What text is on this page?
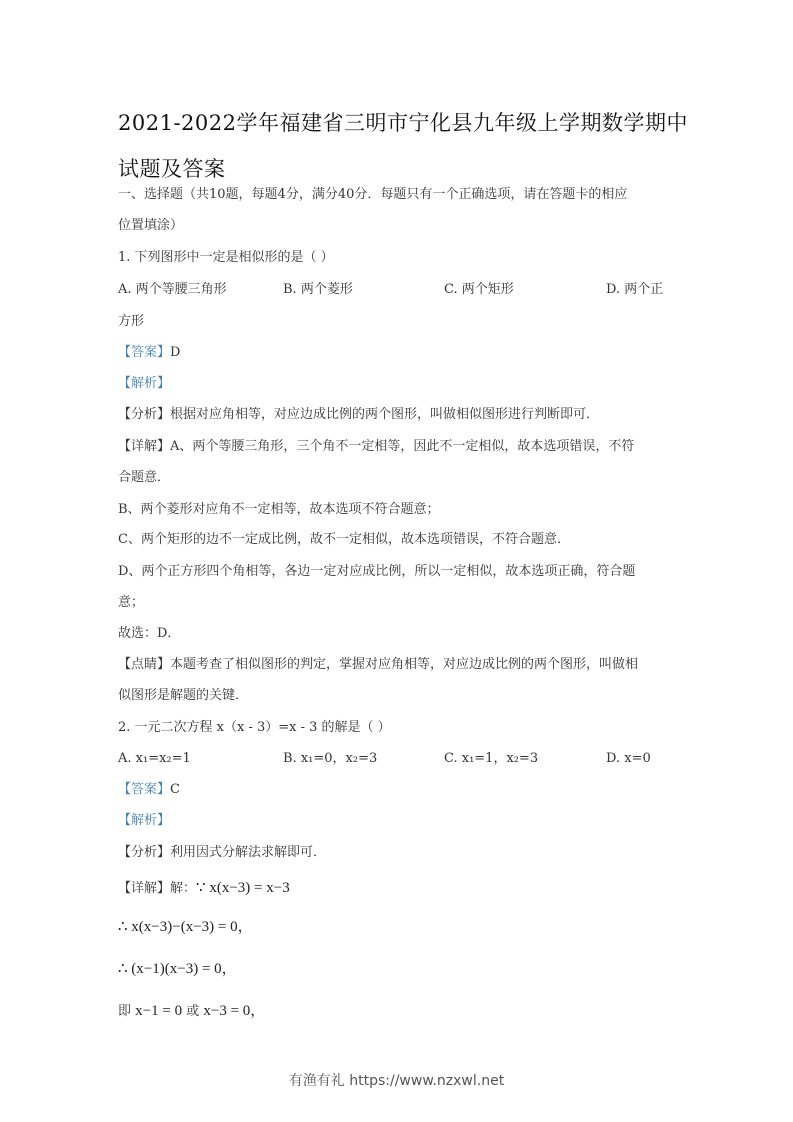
2021-2022学年福建省三明市宁化县九年级上学期数学期中试题及答案
一、选择题（共10题，每题4分，满分40分．每题只有一个正确选项，请在答题卡的相应
位置填涂）
1. 下列图形中一定是相似形的是（ ）
A. 两个等腰三角形	B. 两个菱形	C. 两个矩形	D. 两个正
方形
【答案】D
【解析】
【分析】根据对应角相等，对应边成比例的两个图形，叫做相似图形进行判断即可．
【详解】A、两个等腰三角形，三个角不一定相等，因此不一定相似，故本选项错误，不符
合题意．
B、两个菱形对应角不一定相等，故本选项不符合题意；
C、两个矩形的边不一定成比例，故不一定相似，故本选项错误，不符合题意．
D、两个正方形四个角相等，各边一定对应成比例，所以一定相似，故本选项正确，符合题
意；
故选：D．
【点睛】本题考查了相似图形的判定，掌握对应角相等，对应边成比例的两个图形，叫做相
似图形是解题的关键．
2. 一元二次方程 x（x - 3）=x - 3 的解是（ ）
A. x₁=x₂=1	B. x₁=0，x₂=3	C. x₁=1，x₂=3	D. x=0
【答案】C
【解析】
【分析】利用因式分解法求解即可．
【详解】解：∵ x(x−3) = x−3
∴ x(x−3)−(x−3) = 0，
∴ (x−1)(x−3) = 0，
即 x−1 = 0 或 x−3 = 0，
有渔有礼 https://www.nzxwl.net
